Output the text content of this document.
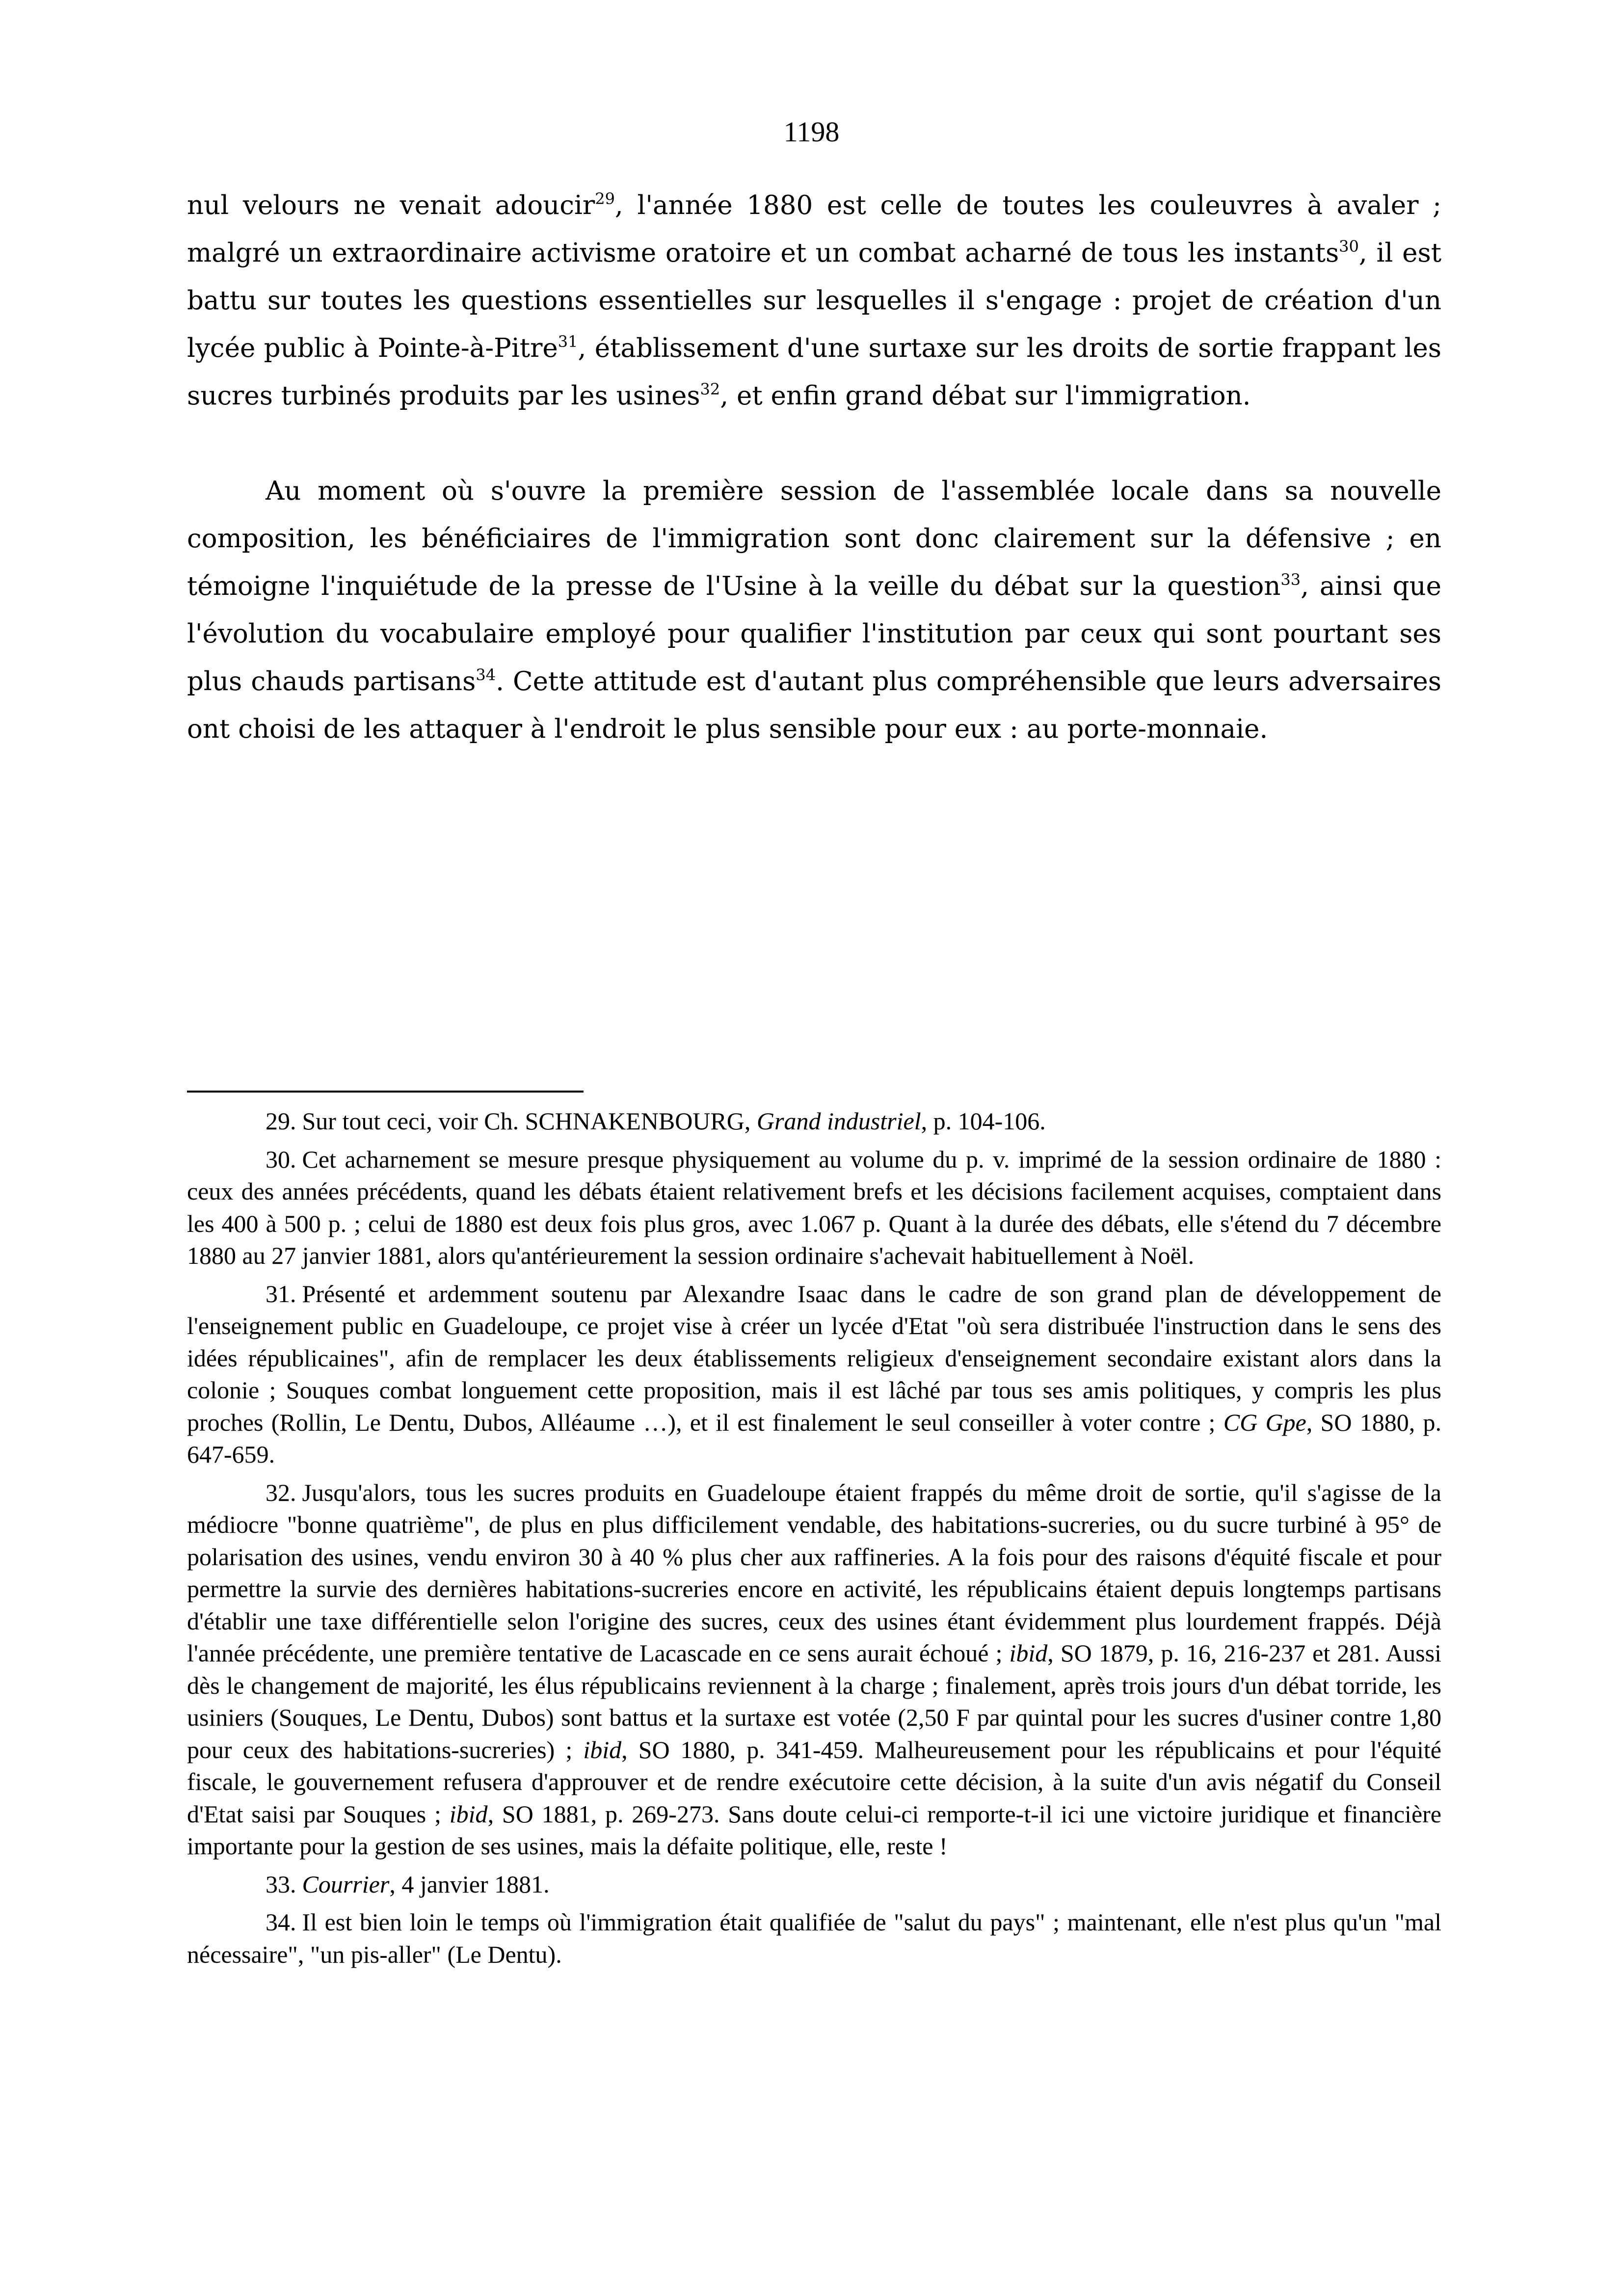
1198

nul velours ne venait adoucir$^{29}$, l'année 1880 est celle de toutes les couleuvres à avaler ; malgré un extraordinaire activisme oratoire et un combat acharné de tous les instants$^{30}$, il est battu sur toutes les questions essentielles sur lesquelles il s'engage : projet de création d'un lycée public à Pointe-à-Pitre$^{31}$, établissement d'une surtaxe sur les droits de sortie frappant les sucres turbinés produits par les usines$^{32}$, et enfin grand débat sur l'immigration.

Au moment où s'ouvre la première session de l'assemblée locale dans sa nouvelle composition, les bénéficiaires de l'immigration sont donc clairement sur la défensive ; en témoigne l'inquiétude de la presse de l'Usine à la veille du débat sur la question$^{33}$, ainsi que l'évolution du vocabulaire employé pour qualifier l'institution par ceux qui sont pourtant ses plus chauds partisans$^{34}$. Cette attitude est d'autant plus compréhensible que leurs adversaires ont choisi de les attaquer à l'endroit le plus sensible pour eux : au porte-monnaie.

29. Sur tout ceci, voir Ch. SCHNAKENBOURG, Grand industriel, p. 104-106.

30. Cet acharnement se mesure presque physiquement au volume du p. v. imprimé de la session ordinaire de 1880 : ceux des années précédents, quand les débats étaient relativement brefs et les décisions facilement acquises, comptaient dans les 400 à 500 p. ; celui de 1880 est deux fois plus gros, avec 1.067 p. Quant à la durée des débats, elle s'étend du 7 décembre 1880 au 27 janvier 1881, alors qu'antérieurement la session ordinaire s'achevait habituellement à Noël.

31. Présenté et ardemment soutenu par Alexandre Isaac dans le cadre de son grand plan de développement de l'enseignement public en Guadeloupe, ce projet vise à créer un lycée d'Etat "où sera distribuée l'instruction dans le sens des idées républicaines", afin de remplacer les deux établissements religieux d'enseignement secondaire existant alors dans la colonie ; Souques combat longuement cette proposition, mais il est lâché par tous ses amis politiques, y compris les plus proches (Rollin, Le Dentu, Dubos, Alléaume …), et il est finalement le seul conseiller à voter contre ; CG Gpe, SO 1880, p. 647-659.

32. Jusqu'alors, tous les sucres produits en Guadeloupe étaient frappés du même droit de sortie, qu'il s'agisse de la médiocre "bonne quatrième", de plus en plus difficilement vendable, des habitations-sucreries, ou du sucre turbiné à 95° de polarisation des usines, vendu environ 30 à 40 % plus cher aux raffineries. A la fois pour des raisons d'équité fiscale et pour permettre la survie des dernières habitations-sucreries encore en activité, les républicains étaient depuis longtemps partisans d'établir une taxe différentielle selon l'origine des sucres, ceux des usines étant évidemment plus lourdement frappés. Déjà l'année précédente, une première tentative de Lacascade en ce sens aurait échoué ; ibid, SO 1879, p. 16, 216-237 et 281. Aussi dès le changement de majorité, les élus républicains reviennent à la charge ; finalement, après trois jours d'un débat torride, les usiniers (Souques, Le Dentu, Dubos) sont battus et la surtaxe est votée (2,50 F par quintal pour les sucres d'usiner contre 1,80 pour ceux des habitations-sucreries) ; ibid, SO 1880, p. 341-459. Malheureusement pour les républicains et pour l'équité fiscale, le gouvernement refusera d'approuver et de rendre exécutoire cette décision, à la suite d'un avis négatif du Conseil d'Etat saisi par Souques ; ibid, SO 1881, p. 269-273. Sans doute celui-ci remporte-t-il ici une victoire juridique et financière importante pour la gestion de ses usines, mais la défaite politique, elle, reste !

33. Courrier, 4 janvier 1881.

34. Il est bien loin le temps où l'immigration était qualifiée de "salut du pays" ; maintenant, elle n'est plus qu'un "mal nécessaire", "un pis-aller" (Le Dentu).
